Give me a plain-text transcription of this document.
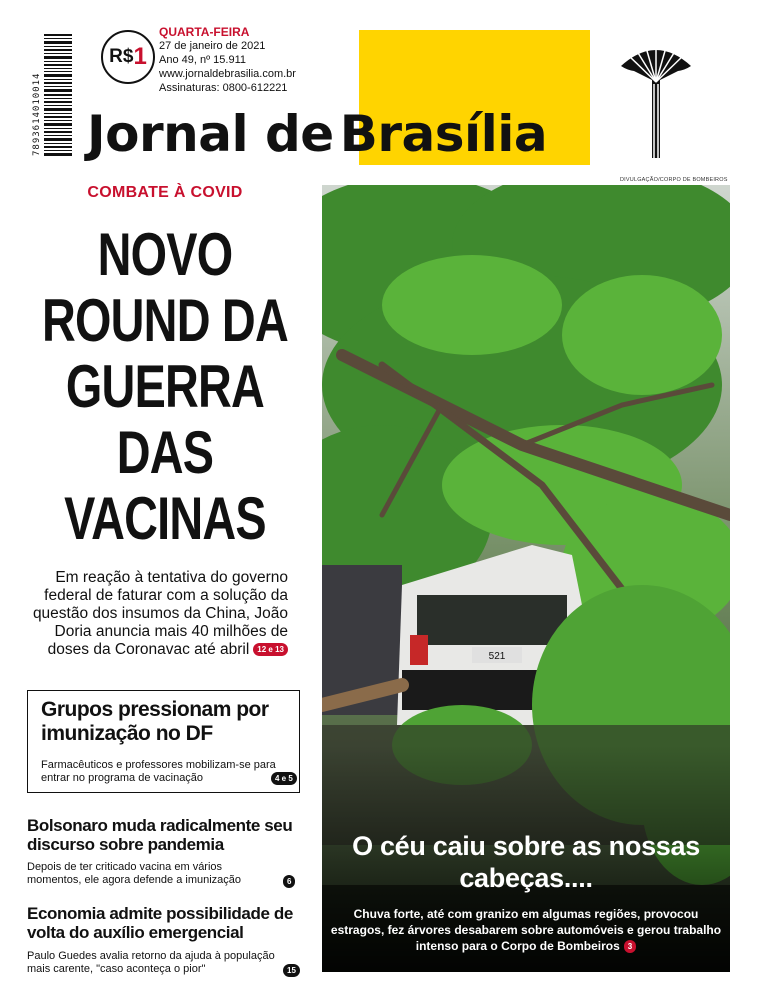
7893614010014
R$ 1
QUARTA-FEIRA
27 de janeiro de 2021
Ano 49, nº 15.911
www.jornaldebrasilia.com.br
Assinaturas: 0800-612221
Jornal de Brasília
COMBATE À COVID
NOVO
ROUND DA
GUERRA
DAS
VACINAS
Em reação à tentativa do governo federal de faturar com a solução da questão dos insumos da China, João Doria anuncia mais 40 milhões de doses da Coronavac até abril 12 e 13
Grupos pressionam por imunização no DF
Farmacêuticos e professores mobilizam-se para entrar no programa de vacinação	4 e 5
Bolsonaro muda radicalmente seu discurso sobre pandemia
Depois de ter criticado vacina em vários momentos, ele agora defende a imunização	6
Economia admite possibilidade de volta do auxílio emergencial
Paulo Guedes avalia retorno da ajuda à população mais carente, "caso aconteça o pior"	15
DIVULGAÇÃO/CORPO DE BOMBEIROS
521
O céu caiu sobre as nossas cabeças....
Chuva forte, até com granizo em algumas regiões, provocou estragos, fez árvores desabarem sobre automóveis e gerou trabalho intenso para o Corpo de Bombeiros 3
